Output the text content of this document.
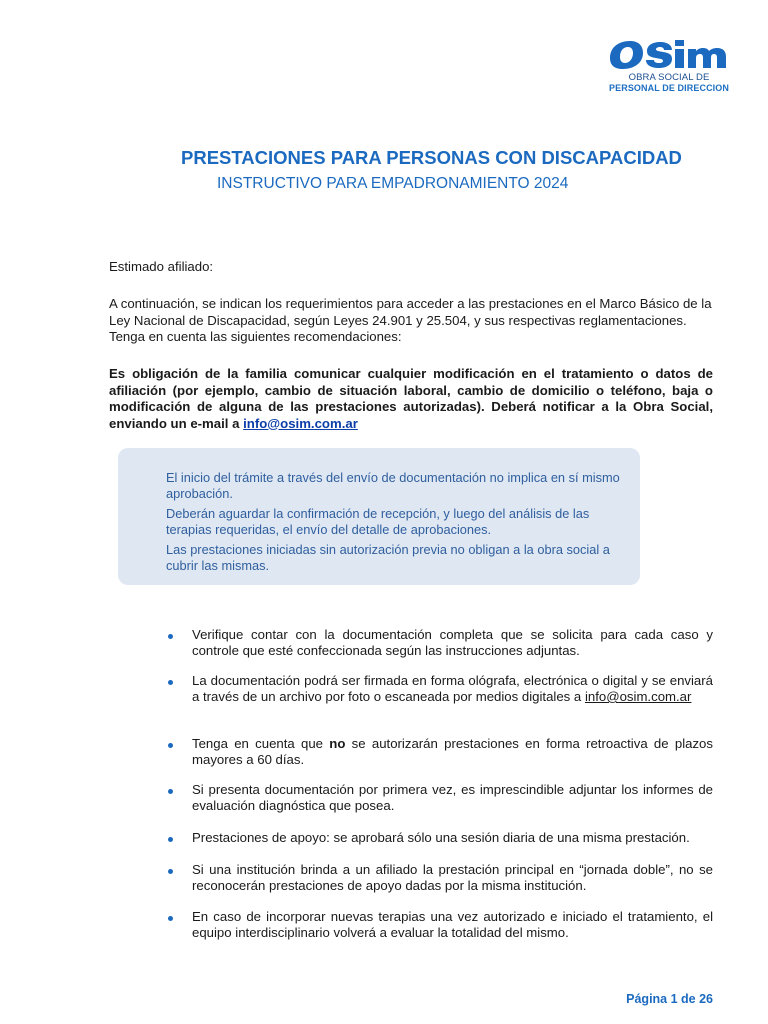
OBRA SOCIAL DE
PERSONAL DE DIRECCION
PRESTACIONES PARA PERSONAS CON DISCAPACIDAD
INSTRUCTIVO PARA EMPADRONAMIENTO 2024
Estimado afiliado:
A continuación, se indican los requerimientos para acceder a las prestaciones en el Marco Básico de la Ley Nacional de Discapacidad, según Leyes 24.901 y 25.504, y sus respectivas reglamentaciones. Tenga en cuenta las siguientes recomendaciones:
Es obligación de la familia comunicar cualquier modificación en el tratamiento o datos de afiliación (por ejemplo, cambio de situación laboral, cambio de domicilio o teléfono, baja o modificación de alguna de las prestaciones autorizadas). Deberá notificar a la Obra Social, enviando un e-mail a info@osim.com.ar

El inicio del trámite a través del envío de documentación no implica en sí mismo aprobación.

Deberán aguardar la confirmación de recepción, y luego del análisis de las terapias requeridas, el envío del detalle de aprobaciones.

Las prestaciones iniciadas sin autorización previa no obligan a la obra social a cubrir las mismas.

Verifique contar con la documentación completa que se solicita para cada caso y controle que esté confeccionada según las instrucciones adjuntas.
La documentación podrá ser firmada en forma ológrafa, electrónica o digital y se enviará a través de un archivo por foto o escaneada por medios digitales a info@osim.com.ar
Tenga en cuenta que no se autorizarán prestaciones en forma retroactiva de plazos mayores a 60 días.
Si presenta documentación por primera vez, es imprescindible adjuntar los informes de evaluación diagnóstica que posea.
Prestaciones de apoyo: se aprobará sólo una sesión diaria de una misma prestación.
Si una institución brinda a un afiliado la prestación principal en “jornada doble”, no se reconocerán prestaciones de apoyo dadas por la misma institución.
En caso de incorporar nuevas terapias una vez autorizado e iniciado el tratamiento, el equipo interdisciplinario volverá a evaluar la totalidad del mismo.
Página 1 de 26
